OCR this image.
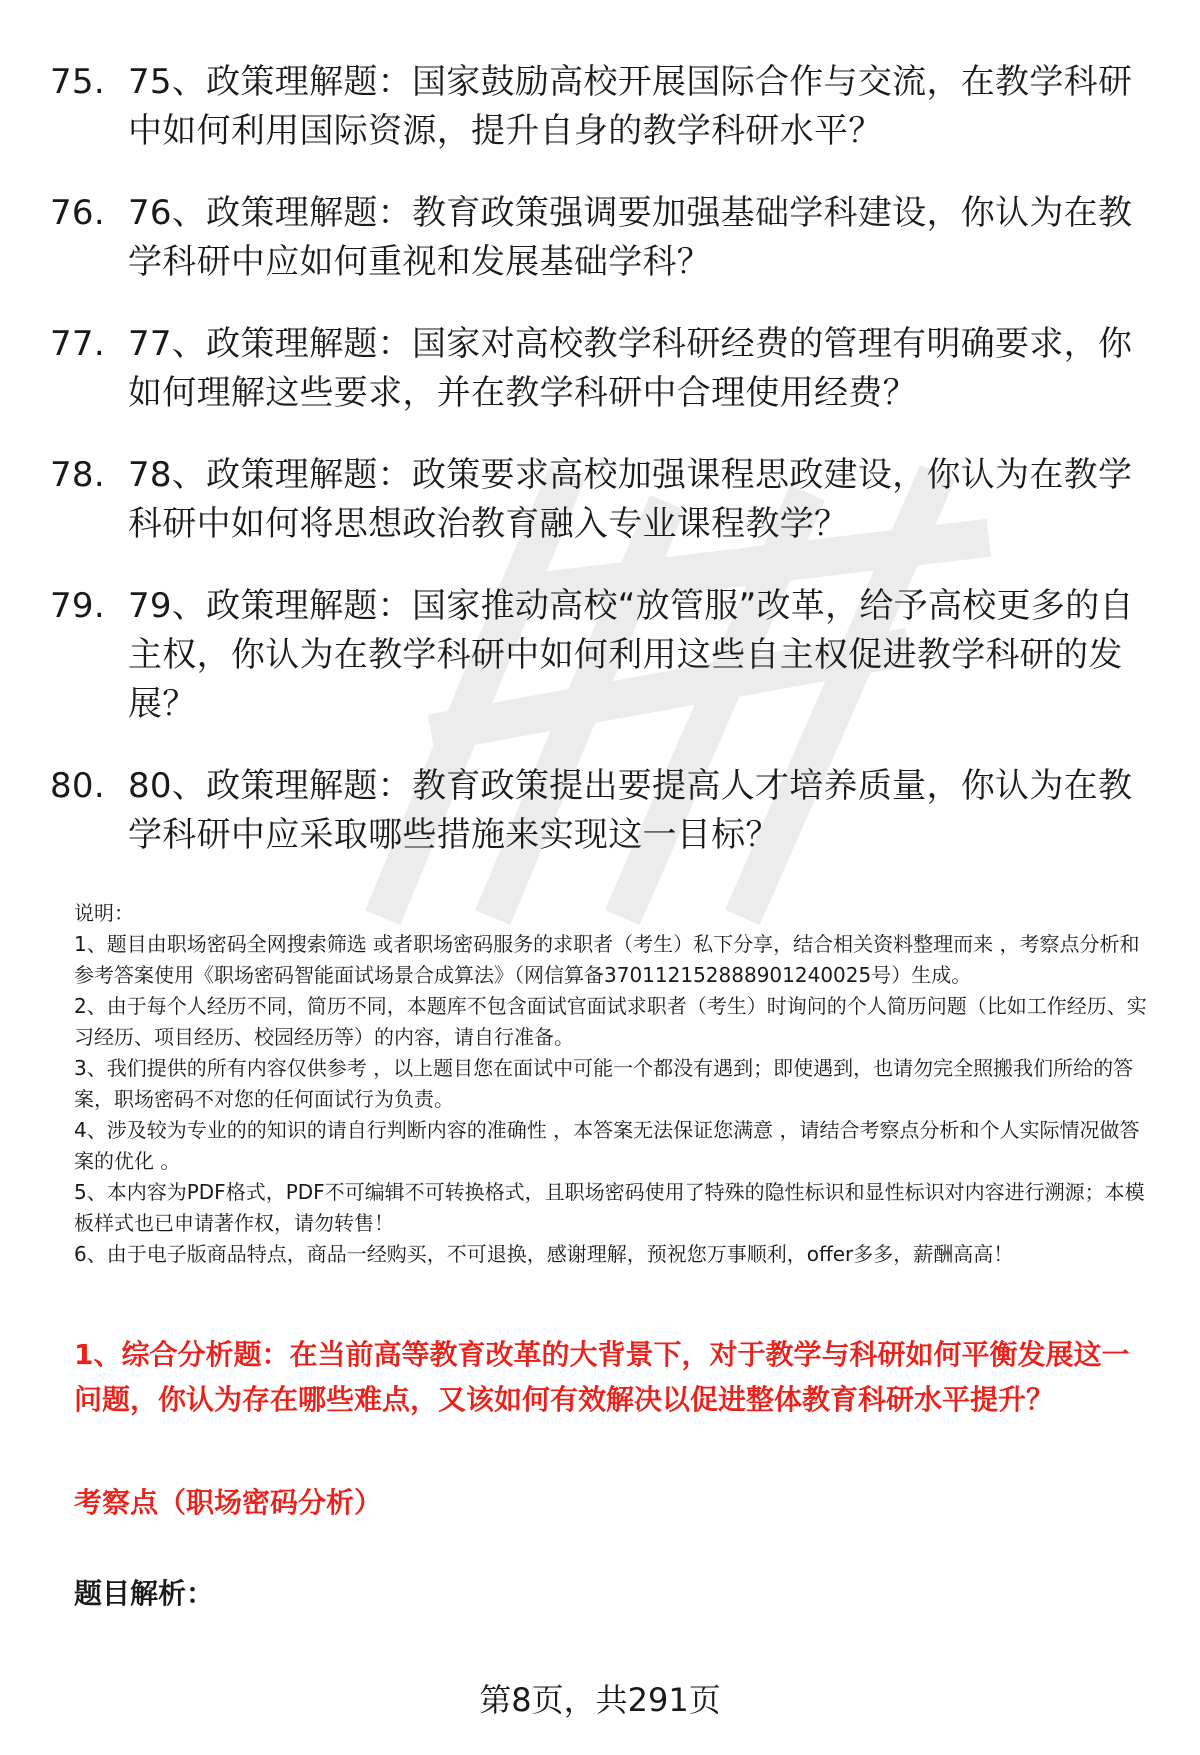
75. 75、政策理解题：国家鼓励高校开展国际合作与交流，在教学科研中如何利用国际资源，提升自身的教学科研水平？
76. 76、政策理解题：教育政策强调要加强基础学科建设，你认为在教学科研中应如何重视和发展基础学科？
77. 77、政策理解题：国家对高校教学科研经费的管理有明确要求，你如何理解这些要求，并在教学科研中合理使用经费？
78. 78、政策理解题：政策要求高校加强课程思政建设，你认为在教学科研中如何将思想政治教育融入专业课程教学？
79. 79、政策理解题：国家推动高校“放管服”改革，给予高校更多的自主权，你认为在教学科研中如何利用这些自主权促进教学科研的发展？
80. 80、政策理解题：教育政策提出要提高人才培养质量，你认为在教学科研中应采取哪些措施来实现这一目标？

说明：

1、题目由职场密码全网搜索筛选 或者职场密码服务的求职者（考生）私下分享，结合相关资料整理而来 ，考察点分析和参考答案使用《职场密码智能面试场景合成算法》（网信算备370112152888901240025号）生成。

2、由于每个人经历不同，简历不同，本题库不包含面试官面试求职者（考生）时询问的个人简历问题（比如工作经历、实习经历、项目经历、校园经历等）的内容，请自行准备。

3、我们提供的所有内容仅供参考 ，以上题目您在面试中可能一个都没有遇到；即使遇到，也请勿完全照搬我们所给的答案，职场密码不对您的任何面试行为负责。

4、涉及较为专业的的知识的请自行判断内容的准确性 ，本答案无法保证您满意 ，请结合考察点分析和个人实际情况做答案的优化 。

5、本内容为PDF格式，PDF不可编辑不可转换格式，且职场密码使用了特殊的隐性标识和显性标识对内容进行溯源；本模板样式也已申请著作权，请勿转售！

6、由于电子版商品特点，商品一经购买，不可退换，感谢理解，预祝您万事顺利，offer多多，薪酬高高！

1、综合分析题：在当前高等教育改革的大背景下，对于教学与科研如何平衡发展这一问题，你认为存在哪些难点，又该如何有效解决以促进整体教育科研水平提升？

考察点（职场密码分析）

题目解析：

第8页，共291页
